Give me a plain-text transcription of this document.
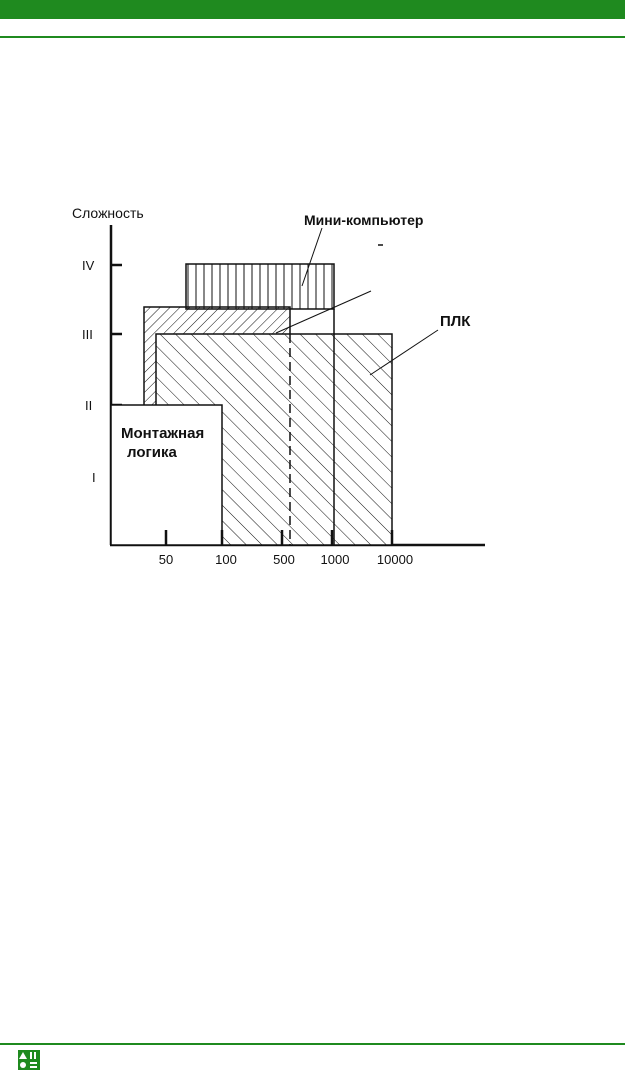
Сложность
IV
III
II
I
Монтажная
логика
Мини-компьютер
ПЛК
50	100	500 1000 10000
